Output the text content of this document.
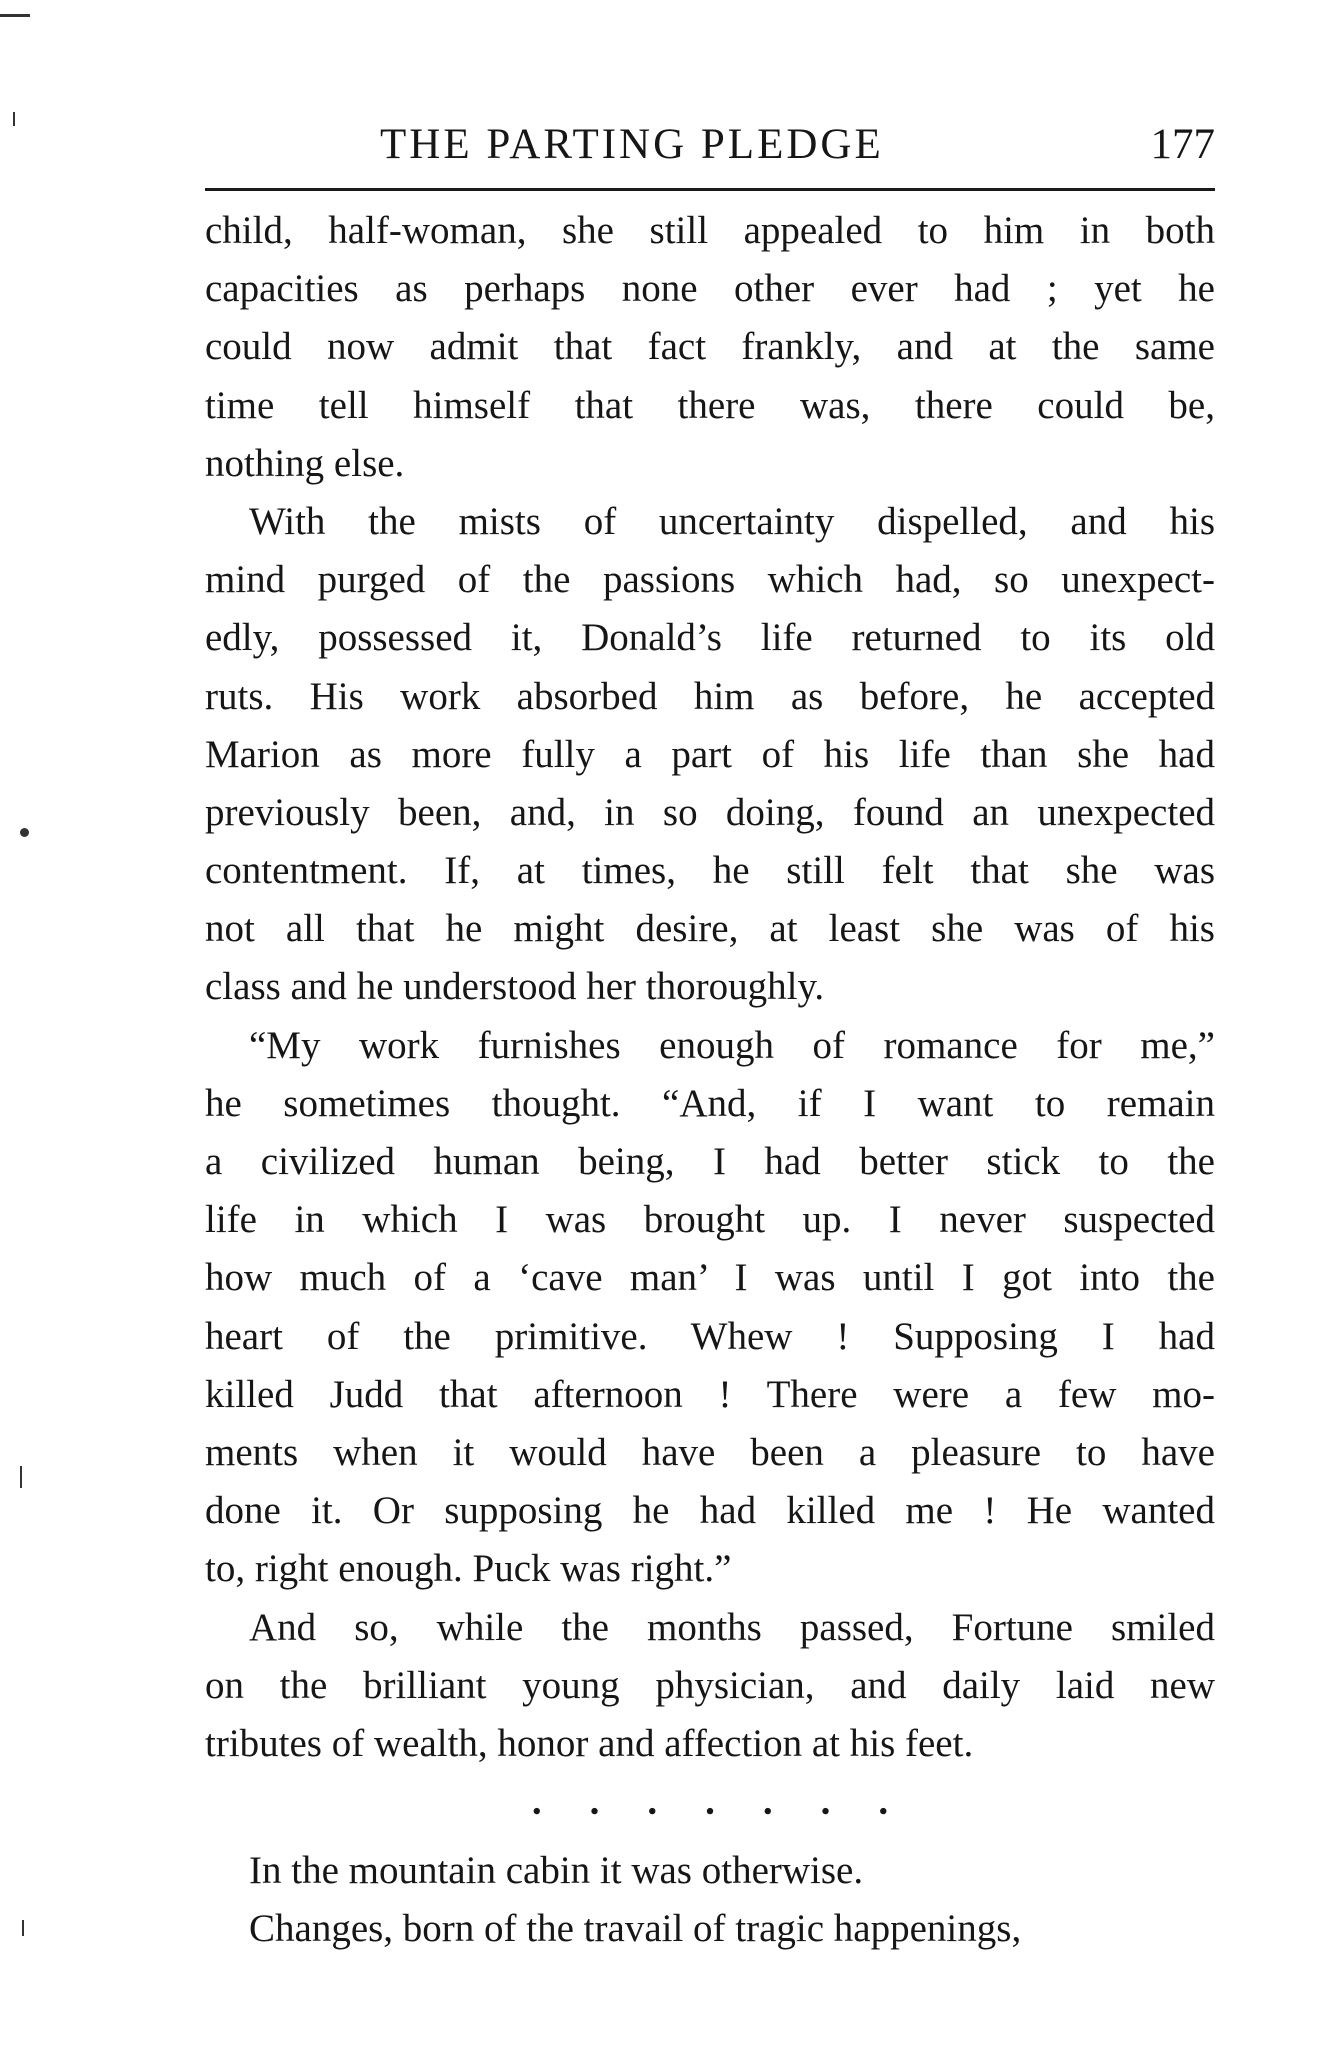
THE PARTING PLEDGE	177
child, half-woman, she still appealed to him in both
capacities as perhaps none other ever had ; yet he
could now admit that fact frankly, and at the same
time tell himself that there was, there could be,
nothing else.
With the mists of uncertainty dispelled, and his
mind purged of the passions which had, so unexpect-
edly, possessed it, Donald’s life returned to its old
ruts. His work absorbed him as before, he accepted
Marion as more fully a part of his life than she had
previously been, and, in so doing, found an unexpected
contentment. If, at times, he still felt that she was
not all that he might desire, at least she was of his
class and he understood her thoroughly.
“My work furnishes enough of romance for me,”
he sometimes thought. “And, if I want to remain
a civilized human being, I had better stick to the
life in which I was brought up. I never suspected
how much of a ‘cave man’ I was until I got into the
heart of the primitive. Whew ! Supposing I had
killed Judd that afternoon ! There were a few mo-
ments when it would have been a pleasure to have
done it. Or supposing he had killed me ! He wanted
to, right enough. Puck was right.”
And so, while the months passed, Fortune smiled
on the brilliant young physician, and daily laid new
tributes of wealth, honor and affection at his feet.
. . . . . . .
In the mountain cabin it was otherwise.
Changes, born of the travail of tragic happenings,
